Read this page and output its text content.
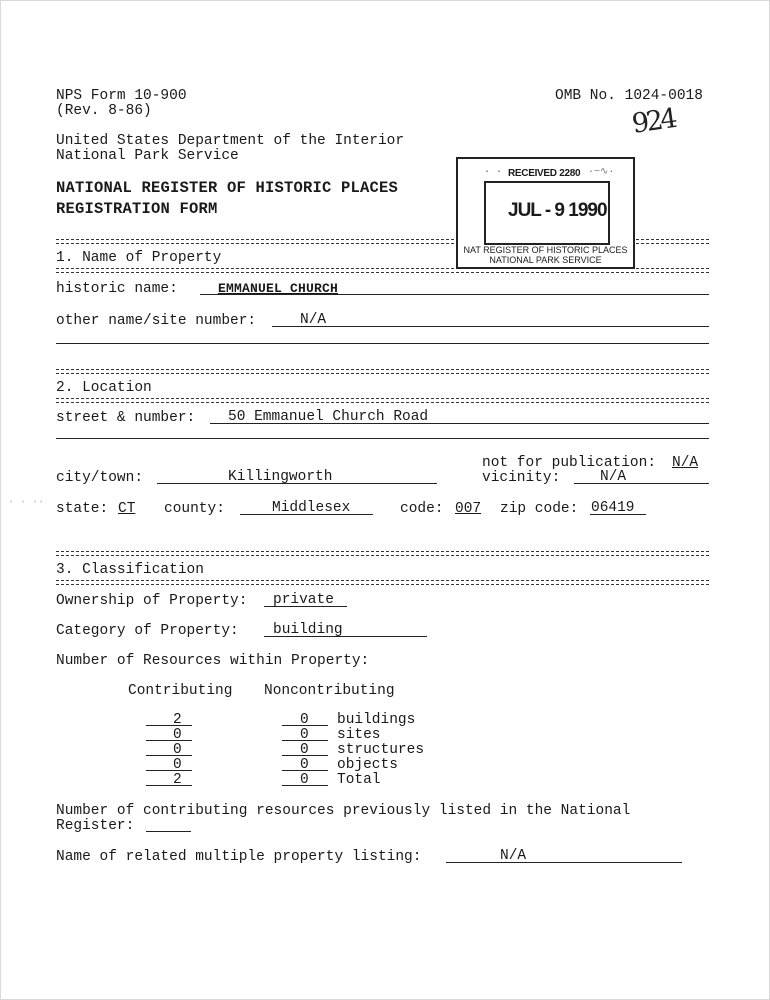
NPS Form 10-900
(Rev. 8-86)
OMB No. 1024-0018
United States Department of the Interior
National Park Service
NATIONAL REGISTER OF HISTORIC PLACES
REGISTRATION FORM
924
⋅ ⋅ ⋅⋅
1. Name of Property
· ·	·~∿·
JUL - 9 1990
RECEIVED 2280
NAT REGISTER OF HISTORIC PLACES
NATIONAL PARK SERVICE
historic name:	EMMANUEL CHURCH
other name/site number:	N/A
2. Location
street & number: 50 Emmanuel Church Road
not for publication: N/A
city/town:	Killingworth	vicinity:	N/A
state: CT county:	Middlesex	code: 007 zip code: 06419
3. Classification
Ownership of Property: private
Category of Property: building
Number of Resources within Property:
Contributing Noncontributing
2	0 buildings
0	0 sites
0	0 structures
0	0 objects
2	0 Total
Number of contributing resources previously listed in the National
Register:
Name of related multiple property listing:	N/A
